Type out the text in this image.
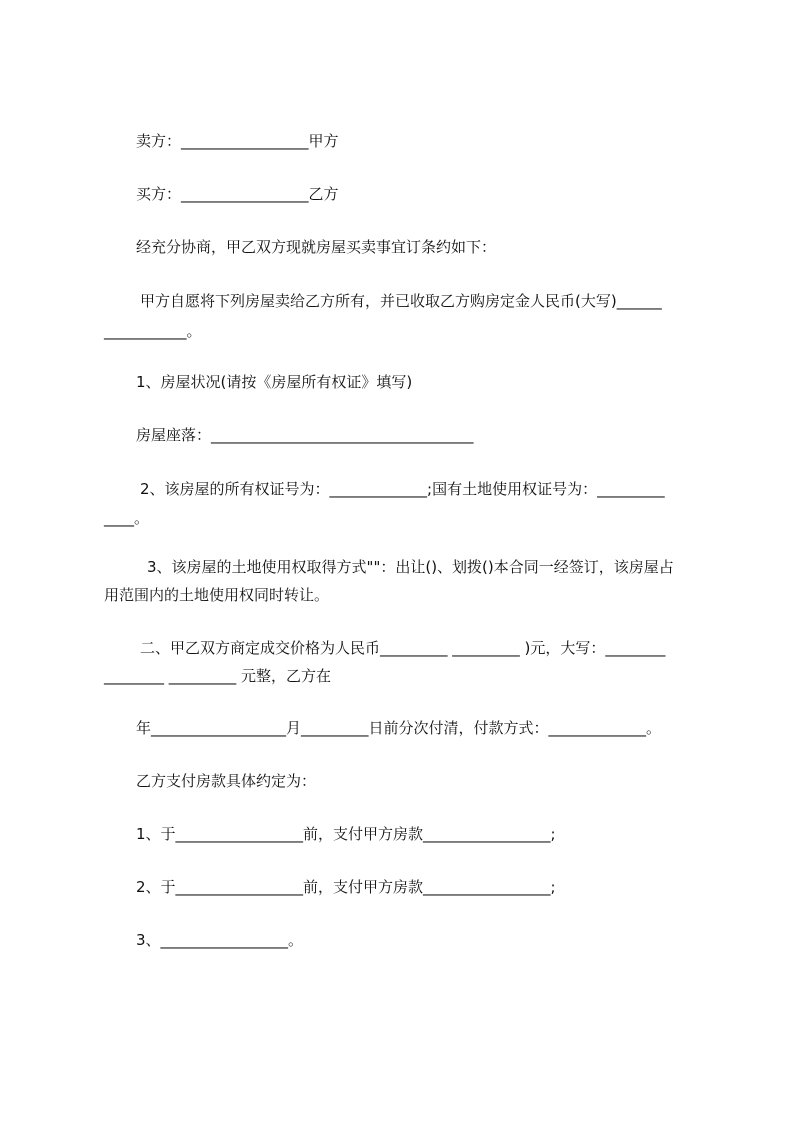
卖方：_________________甲方
买方：_________________乙方
经充分协商，甲乙双方现就房屋买卖事宜订条约如下：
甲方自愿将下列房屋卖给乙方所有，并已收取乙方购房定金人民币(大写)______
___________。
1、房屋状况(请按《房屋所有权证》填写)
房屋座落：___________________________________
2、该房屋的所有权证号为：_____________;国有土地使用权证号为：_________
____。
3、该房屋的土地使用权取得方式""：出让()、划拨()本合同一经签订，该房屋占
用范围内的土地使用权同时转让。
二、甲乙双方商定成交价格为人民币_________ _________ )元，大写：________
________ _________ 元整，乙方在
年__________________月_________日前分次付清，付款方式：_____________。
乙方支付房款具体约定为：
1、于_________________前，支付甲方房款_________________;
2、于_________________前，支付甲方房款_________________;
3、_________________。
